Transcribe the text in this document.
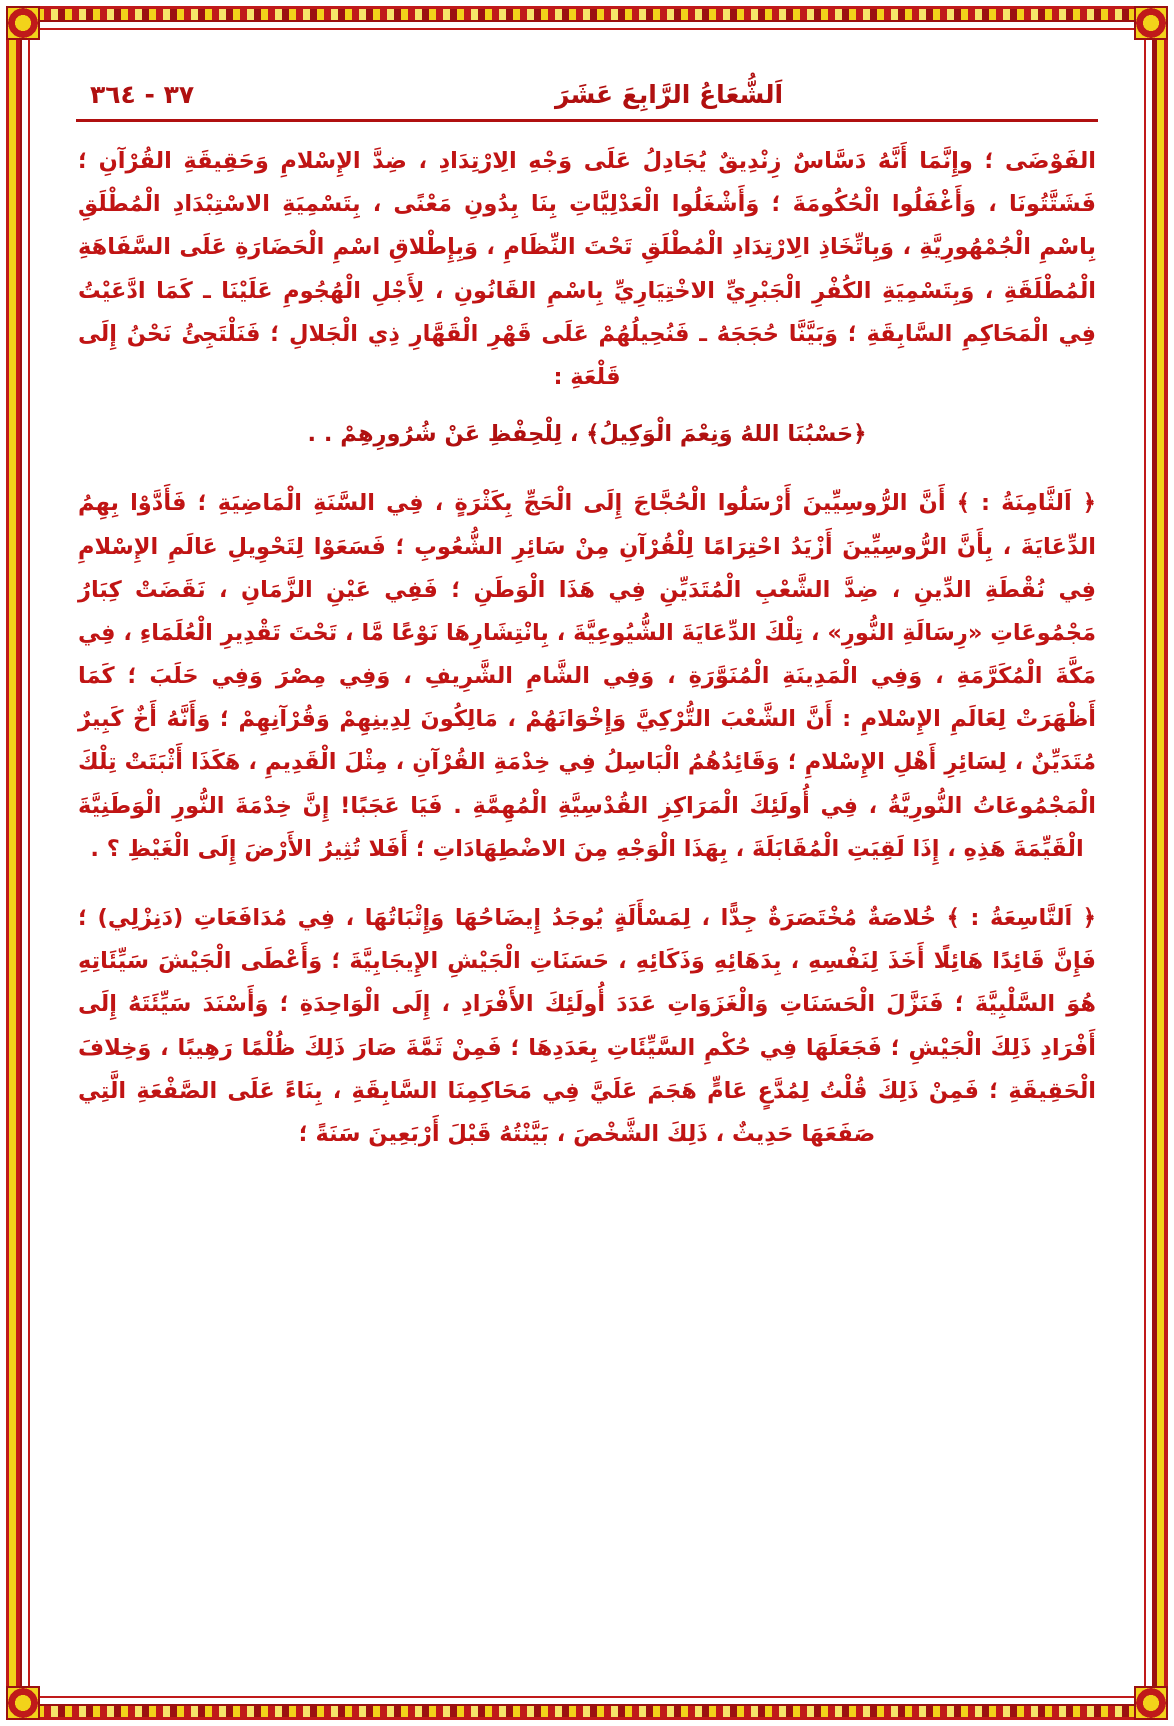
اَلشُّعَاعُ الرَّابِعَ عَشَرَ
٣٧ - ٣٦٤

الفَوْضَى ؛ وإِنَّمَا أَنَّهُ دَسَّاسٌ زِنْدِيقٌ يُجَادِلُ عَلَى وَجْهِ الِارْتِدَادِ ، ضِدَّ الإِسْلامِ وَحَقِيقَةِ القُرْآنِ ؛ فَشَتَّتُونَا ، وَأَغْفَلُوا الْحُكُومَةَ ؛ وَأَشْغَلُوا الْعَدْلِيَّاتِ بِنَا بِدُونِ مَعْنًى ، بِتَسْمِيَةِ الاسْتِبْدَادِ الْمُطْلَقِ بِاسْمِ الْجُمْهُورِيَّةِ ، وَبِاتِّخَاذِ الِارْتِدَادِ الْمُطْلَقِ تَحْتَ النِّظَامِ ، وَبِإِطْلاقِ اسْمِ الْحَضَارَةِ عَلَى السَّفَاهَةِ الْمُطْلَقَةِ ، وَبِتَسْمِيَةِ الكُفْرِ الْجَبْرِيِّ الاخْتِيَارِيِّ بِاسْمِ القَانُونِ ، لِأَجْلِ الْهُجُومِ عَلَيْنَا ـ كَمَا ادَّعَيْتُ فِي الْمَحَاكِمِ السَّابِقَةِ ؛ وَبَيَّنَّا حُجَجَهُ ـ فَنُحِيلُهُمْ عَلَى قَهْرِ الْقَهَّارِ ذِي الْجَلالِ ؛ فَنَلْتَجِئُ نَحْنُ إِلَى قَلْعَةِ :

﴿حَسْبُنَا اللهُ وَنِعْمَ الْوَكِيلُ﴾ ، لِلْحِفْظِ عَنْ شُرُورِهِمْ . .

﴿ اَلثَّامِنَةُ : ﴾ أَنَّ الرُّوسِيِّينَ أَرْسَلُوا الْحُجَّاجَ إِلَى الْحَجِّ بِكَثْرَةٍ ، فِي السَّنَةِ الْمَاضِيَةِ ؛ فَأَدَّوْا بِهِمُ الدِّعَايَةَ ، بِأَنَّ الرُّوسِيِّينَ أَزْيَدُ احْتِرَامًا لِلْقُرْآنِ مِنْ سَائِرِ الشُّعُوبِ ؛ فَسَعَوْا لِتَحْوِيلِ عَالَمِ الإِسْلامِ فِي نُقْطَةِ الدِّينِ ، ضِدَّ الشَّعْبِ الْمُتَدَيِّنِ فِي هَذَا الْوَطَنِ ؛ فَفِي عَيْنِ الزَّمَانِ ، نَقَضَتْ كِبَارُ مَجْمُوعَاتِ «رِسَالَةِ النُّورِ» ، تِلْكَ الدِّعَايَةَ الشُّيُوعِيَّةَ ، بِانْتِشَارِهَا نَوْعًا مَّا ، تَحْتَ تَقْدِيرِ الْعُلَمَاءِ ، فِي مَكَّةَ الْمُكَرَّمَةِ ، وَفِي الْمَدِينَةِ الْمُنَوَّرَةِ ، وَفِي الشَّامِ الشَّرِيفِ ، وَفِي مِصْرَ وَفِي حَلَبَ ؛ كَمَا أَظْهَرَتْ لِعَالَمِ الإِسْلامِ : أَنَّ الشَّعْبَ التُّرْكِيَّ وَإِخْوَانَهُمْ ، مَالِكُونَ لِدِينِهِمْ وَقُرْآنِهِمْ ؛ وَأَنَّهُ أَخٌ كَبِيرٌ مُتَدَيِّنٌ ، لِسَائِرِ أَهْلِ الإِسْلامِ ؛ وَقَائِدُهُمُ الْبَاسِلُ فِي خِدْمَةِ القُرْآنِ ، مِثْلَ الْقَدِيمِ ، هَكَذَا أَثْبَتَتْ تِلْكَ الْمَجْمُوعَاتُ النُّورِيَّةُ ، فِي أُولَئِكَ الْمَرَاكِزِ القُدْسِيَّةِ الْمُهِمَّةِ . فَيَا عَجَبًا! إِنَّ خِدْمَةَ النُّورِ الْوَطَنِيَّةَ الْقَيِّمَةَ هَذِهِ ، إِذَا لَقِيَتِ الْمُقَابَلَةَ ، بِهَذَا الْوَجْهِ مِنَ الاضْطِهَادَاتِ ؛ أَفَلا تُثِيرُ الأَرْضَ إِلَى الْغَيْظِ ؟ .

﴿ اَلتَّاسِعَةُ : ﴾ خُلاصَةٌ مُخْتَصَرَةٌ جِدًّا ، لِمَسْأَلَةٍ يُوجَدُ إِيضَاحُهَا وَإِثْبَاتُهَا ، فِي مُدَافَعَاتِ (دَنِزْلِي) ؛ فَإِنَّ قَائِدًا هَائِلًا أَخَذَ لِنَفْسِهِ ، بِدَهَائِهِ وَذَكَائِهِ ، حَسَنَاتِ الْجَيْشِ الإِيجَابِيَّةَ ؛ وَأَعْطَى الْجَيْشَ سَيِّئَاتِهِ هُوَ السَّلْبِيَّةَ ؛ فَنَزَّلَ الْحَسَنَاتِ وَالْغَزَوَاتِ عَدَدَ أُولَئِكَ الأَفْرَادِ ، إِلَى الْوَاحِدَةِ ؛ وَأَسْنَدَ سَيِّئَتَهُ إِلَى أَفْرَادِ ذَلِكَ الْجَيْشِ ؛ فَجَعَلَهَا فِي حُكْمِ السَّيِّئَاتِ بِعَدَدِهَا ؛ فَمِنْ ثَمَّةَ صَارَ ذَلِكَ ظُلْمًا رَهِيبًا ، وَخِلافَ الْحَقِيقَةِ ؛ فَمِنْ ذَلِكَ قُلْتُ لِمُدَّعٍ عَامٍّ هَجَمَ عَلَيَّ فِي مَحَاكِمِنَا السَّابِقَةِ ، بِنَاءً عَلَى الصَّفْعَةِ الَّتِي صَفَعَهَا حَدِيثٌ ، ذَلِكَ الشَّخْصَ ، بَيَّنْتُهُ قَبْلَ أَرْبَعِينَ سَنَةً ؛
